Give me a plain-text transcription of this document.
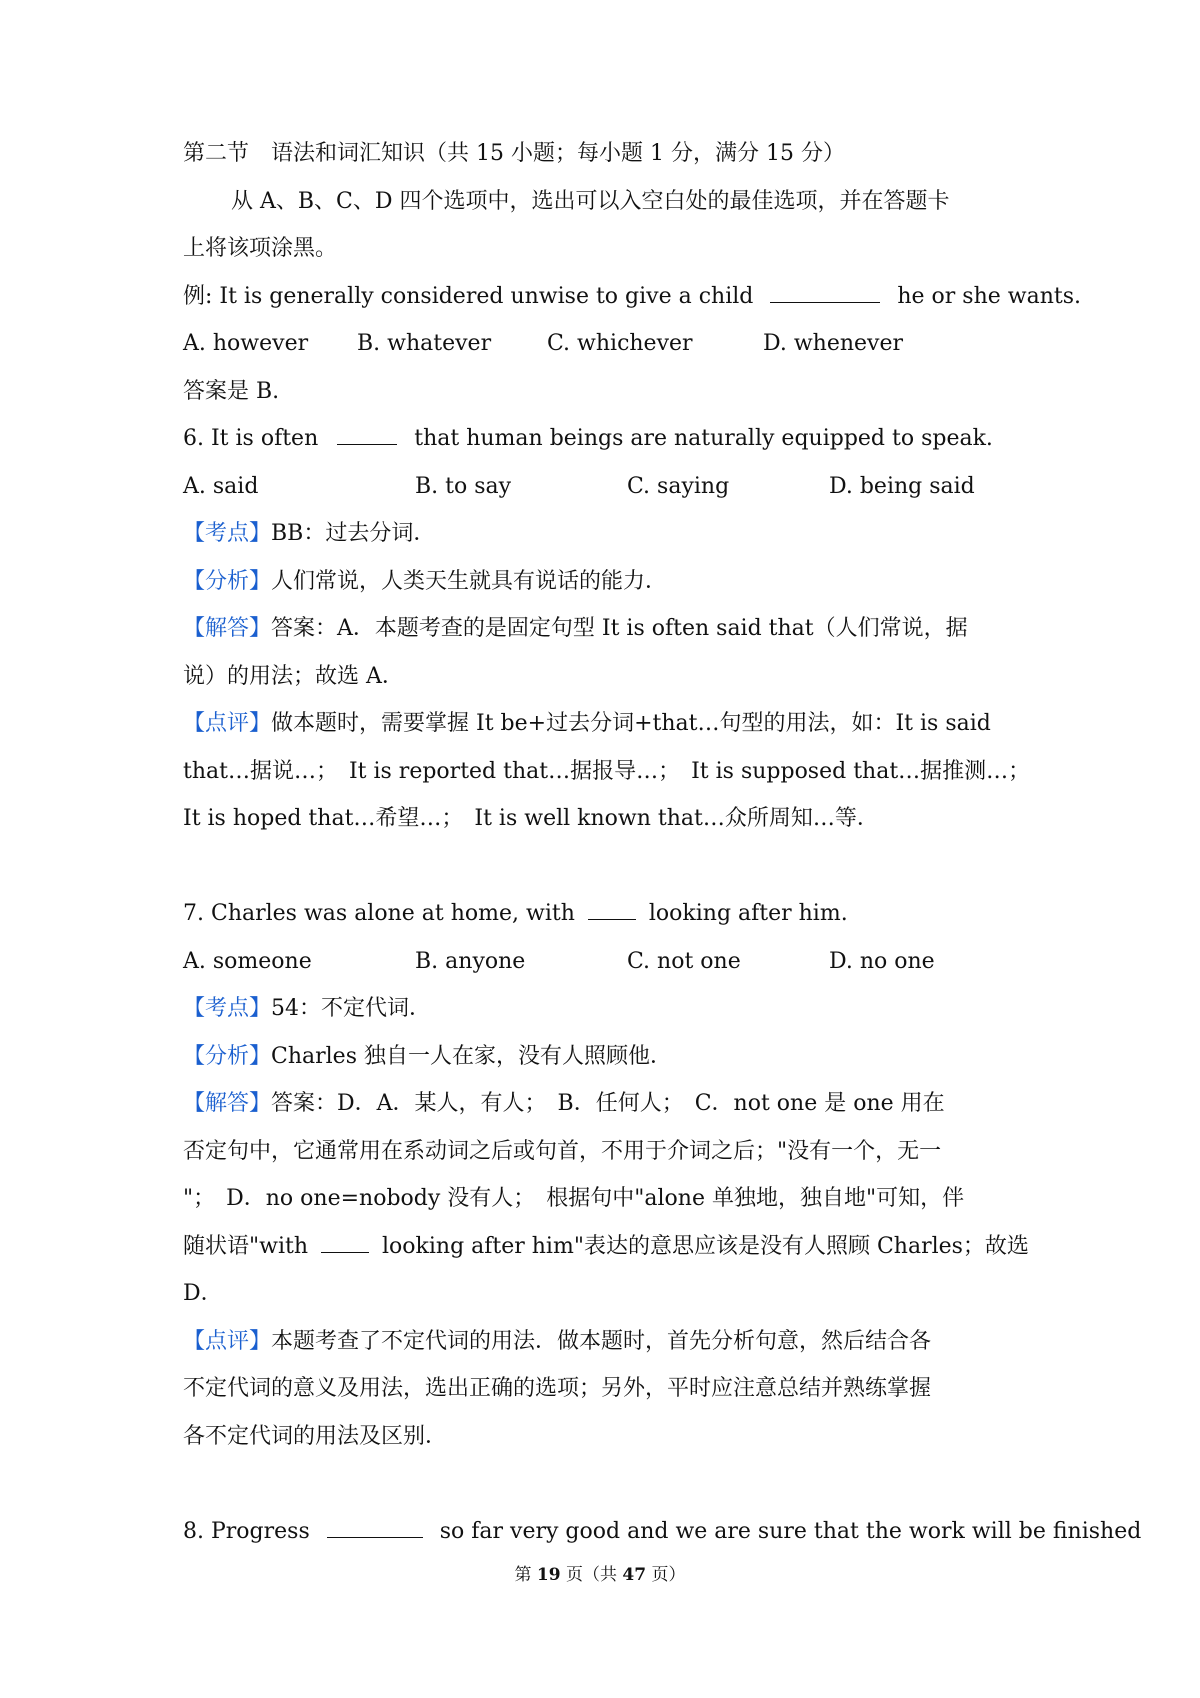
第二节　语法和词汇知识（共 15 小题；每小题 1 分，满分 15 分）
从 A、B、C、D 四个选项中，选出可以入空白处的最佳选项，并在答题卡
上将该项涂黑。
例: It is generally considered unwise to give a child	he or she wants.
A. however	B. whatever	C. whichever	D. whenever
答案是 B.
6. It is often	that human beings are naturally equipped to speak.
A. said	B. to say	C. saying	D. being said
【考点】BB：过去分词．
【分析】人们常说，人类天生就具有说话的能力．
【解答】答案：A．本题考查的是固定句型 It is often said that（人们常说，据
说）的用法；故选 A．
【点评】做本题时，需要掌握 It be+过去分词+that…句型的用法，如：It is said
that…据说…；　It is reported that…据报导…；　It is supposed that…据推测…；
It is hoped that…希望…；　It is well known that…众所周知…等．
7. Charles was alone at home, with	looking after him.
A. someone	B. anyone	C. not one	D. no one
【考点】54：不定代词．
【分析】Charles 独自一人在家，没有人照顾他．
【解答】答案：D．A．某人，有人；　B．任何人；　C．not one 是 one 用在
否定句中，它通常用在系动词之后或句首，不用于介词之后；"没有一个，无一
"；　D．no one=nobody 没有人；　根据句中"alone 单独地，独自地"可知，伴
随状语"with	looking after him"表达的意思应该是没有人照顾 Charles；故选
D．
【点评】本题考查了不定代词的用法．做本题时，首先分析句意，然后结合各
不定代词的意义及用法，选出正确的选项；另外，平时应注意总结并熟练掌握
各不定代词的用法及区别．
8. Progress	so far very good and we are sure that the work will be finished
第 19 页（共 47 页）
